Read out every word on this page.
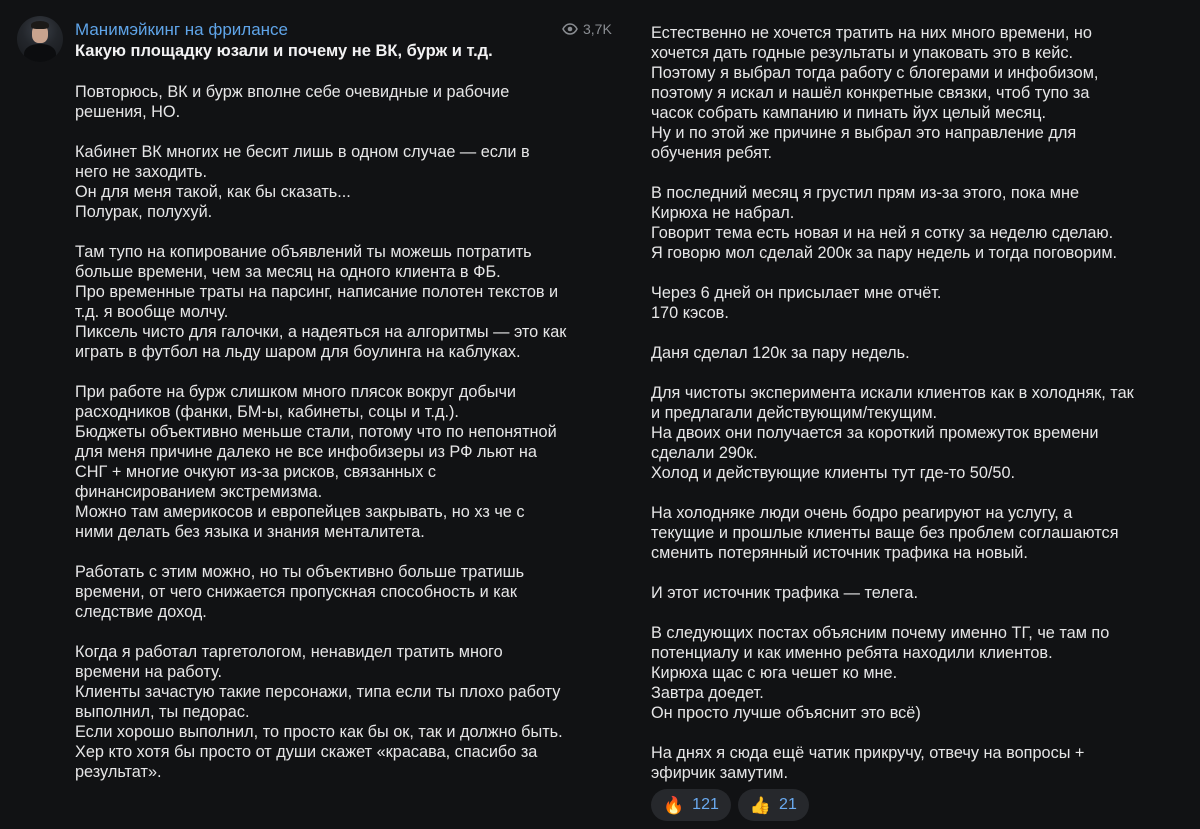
Манимэйкинг на фрилансе	3,7K
Какую площадку юзали и почему не ВК, бурж и т.д.

Повторюсь, ВК и бурж вполне себе очевидные и рабочие

решения, НО.

Кабинет ВК многих не бесит лишь в одном случае — если в

него не заходить.

Он для меня такой, как бы сказать...

Полурак, полухуй.

Там тупо на копирование объявлений ты можешь потратить

больше времени, чем за месяц на одного клиента в ФБ.

Про временные траты на парсинг, написание полотен текстов и

т.д. я вообще молчу.

Пиксель чисто для галочки, а надеяться на алгоритмы — это как

играть в футбол на льду шаром для боулинга на каблуках.

При работе на бурж слишком много плясок вокруг добычи

расходников (фанки, БМ-ы, кабинеты, соцы и т.д.).

Бюджеты объективно меньше стали, потому что по непонятной

для меня причине далеко не все инфобизеры из РФ льют на

СНГ + многие очкуют из-за рисков, связанных с

финансированием экстремизма.

Можно там америкосов и европейцев закрывать, но хз че с

ними делать без языка и знания менталитета.

Работать с этим можно, но ты объективно больше тратишь

времени, от чего снижается пропускная способность и как

следствие доход.

Когда я работал таргетологом, ненавидел тратить много

времени на работу.

Клиенты зачастую такие персонажи, типа если ты плохо работу

выполнил, ты педорас.

Если хорошо выполнил, то просто как бы ок, так и должно быть.

Хер кто хотя бы просто от души скажет «красава, спасибо за

результат».

Естественно не хочется тратить на них много времени, но

хочется дать годные результаты и упаковать это в кейс.

Поэтому я выбрал тогда работу с блогерами и инфобизом,

поэтому я искал и нашёл конкретные связки, чтоб тупо за

часок собрать кампанию и пинать йух целый месяц.

Ну и по этой же причине я выбрал это направление для

обучения ребят.

В последний месяц я грустил прям из-за этого, пока мне

Кирюха не набрал.

Говорит тема есть новая и на ней я сотку за неделю сделаю.

Я говорю мол сделай 200к за пару недель и тогда поговорим.

Через 6 дней он присылает мне отчёт.

170 кэсов.

Даня сделал 120к за пару недель.

Для чистоты эксперимента искали клиентов как в холодняк, так

и предлагали действующим/текущим.

На двоих они получается за короткий промежуток времени

сделали 290к.

Холод и действующие клиенты тут где-то 50/50.

На холодняке люди очень бодро реагируют на услугу, а

текущие и прошлые клиенты ваще без проблем соглашаются

сменить потерянный источник трафика на новый.

И этот источник трафика — телега.

В следующих постах объясним почему именно ТГ, че там по

потенциалу и как именно ребята находили клиентов.

Кирюха щас с юга чешет ко мне.

Завтра доедет.

Он просто лучше объяснит это всё)

На днях я сюда ещё чатик прикручу, отвечу на вопросы +

эфирчик замутим.

🔥 121 👍 21
